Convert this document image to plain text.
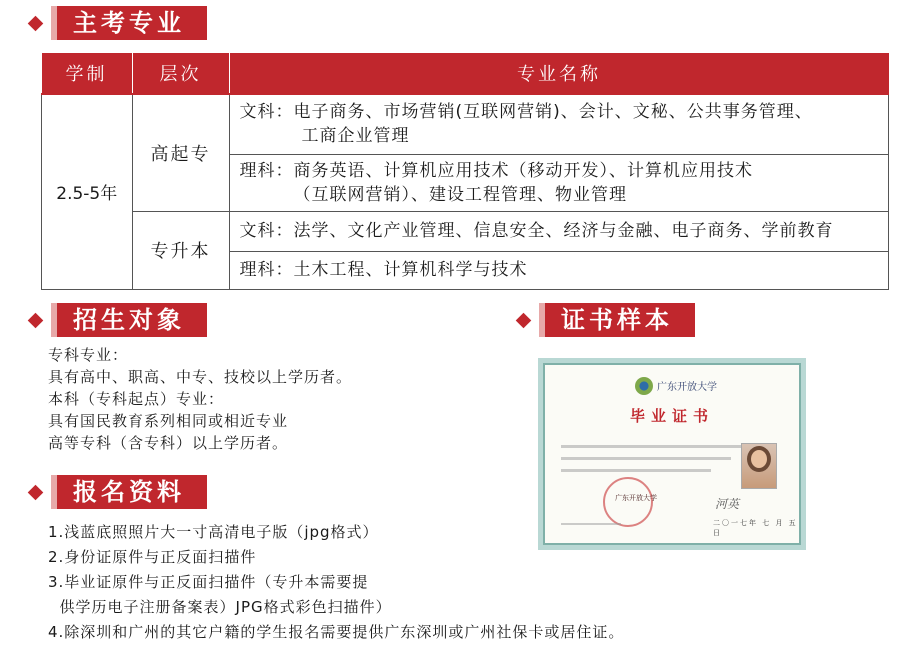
主考专业
学制	层次	专业名称
2.5-5年	高起专	文科：电子商务、市场营销(互联网营销)、会计、文秘、公共事务管理、
工商企业管理

		理科：商务英语、计算机应用技术（移动开发）、计算机应用技术
（互联网营销）、建设工程管理、物业管理

	专升本	文科：法学、文化产业管理、信息安全、经济与金融、电子商务、学前教育
		理科：土木工程、计算机科学与技术
招生对象

专科专业：

具有高中、职高、中专、技校以上学历者。

本科（专科起点）专业：

具有国民教育系列相同或相近专业

高等专科（含专科）以上学历者。

证书样本
广东开放大学
毕业证书
广东开放大学	河英
二〇一七年 七 月 五 日
报名资料

1.浅蓝底照照片大一寸高清电子版（jpg格式）

2.身份证原件与正反面扫描件

3.毕业证原件与正反面扫描件（专升本需要提

供学历电子注册备案表）JPG格式彩色扫描件）

4.除深圳和广州的其它户籍的学生报名需要提供广东深圳或广州社保卡或居住证。
